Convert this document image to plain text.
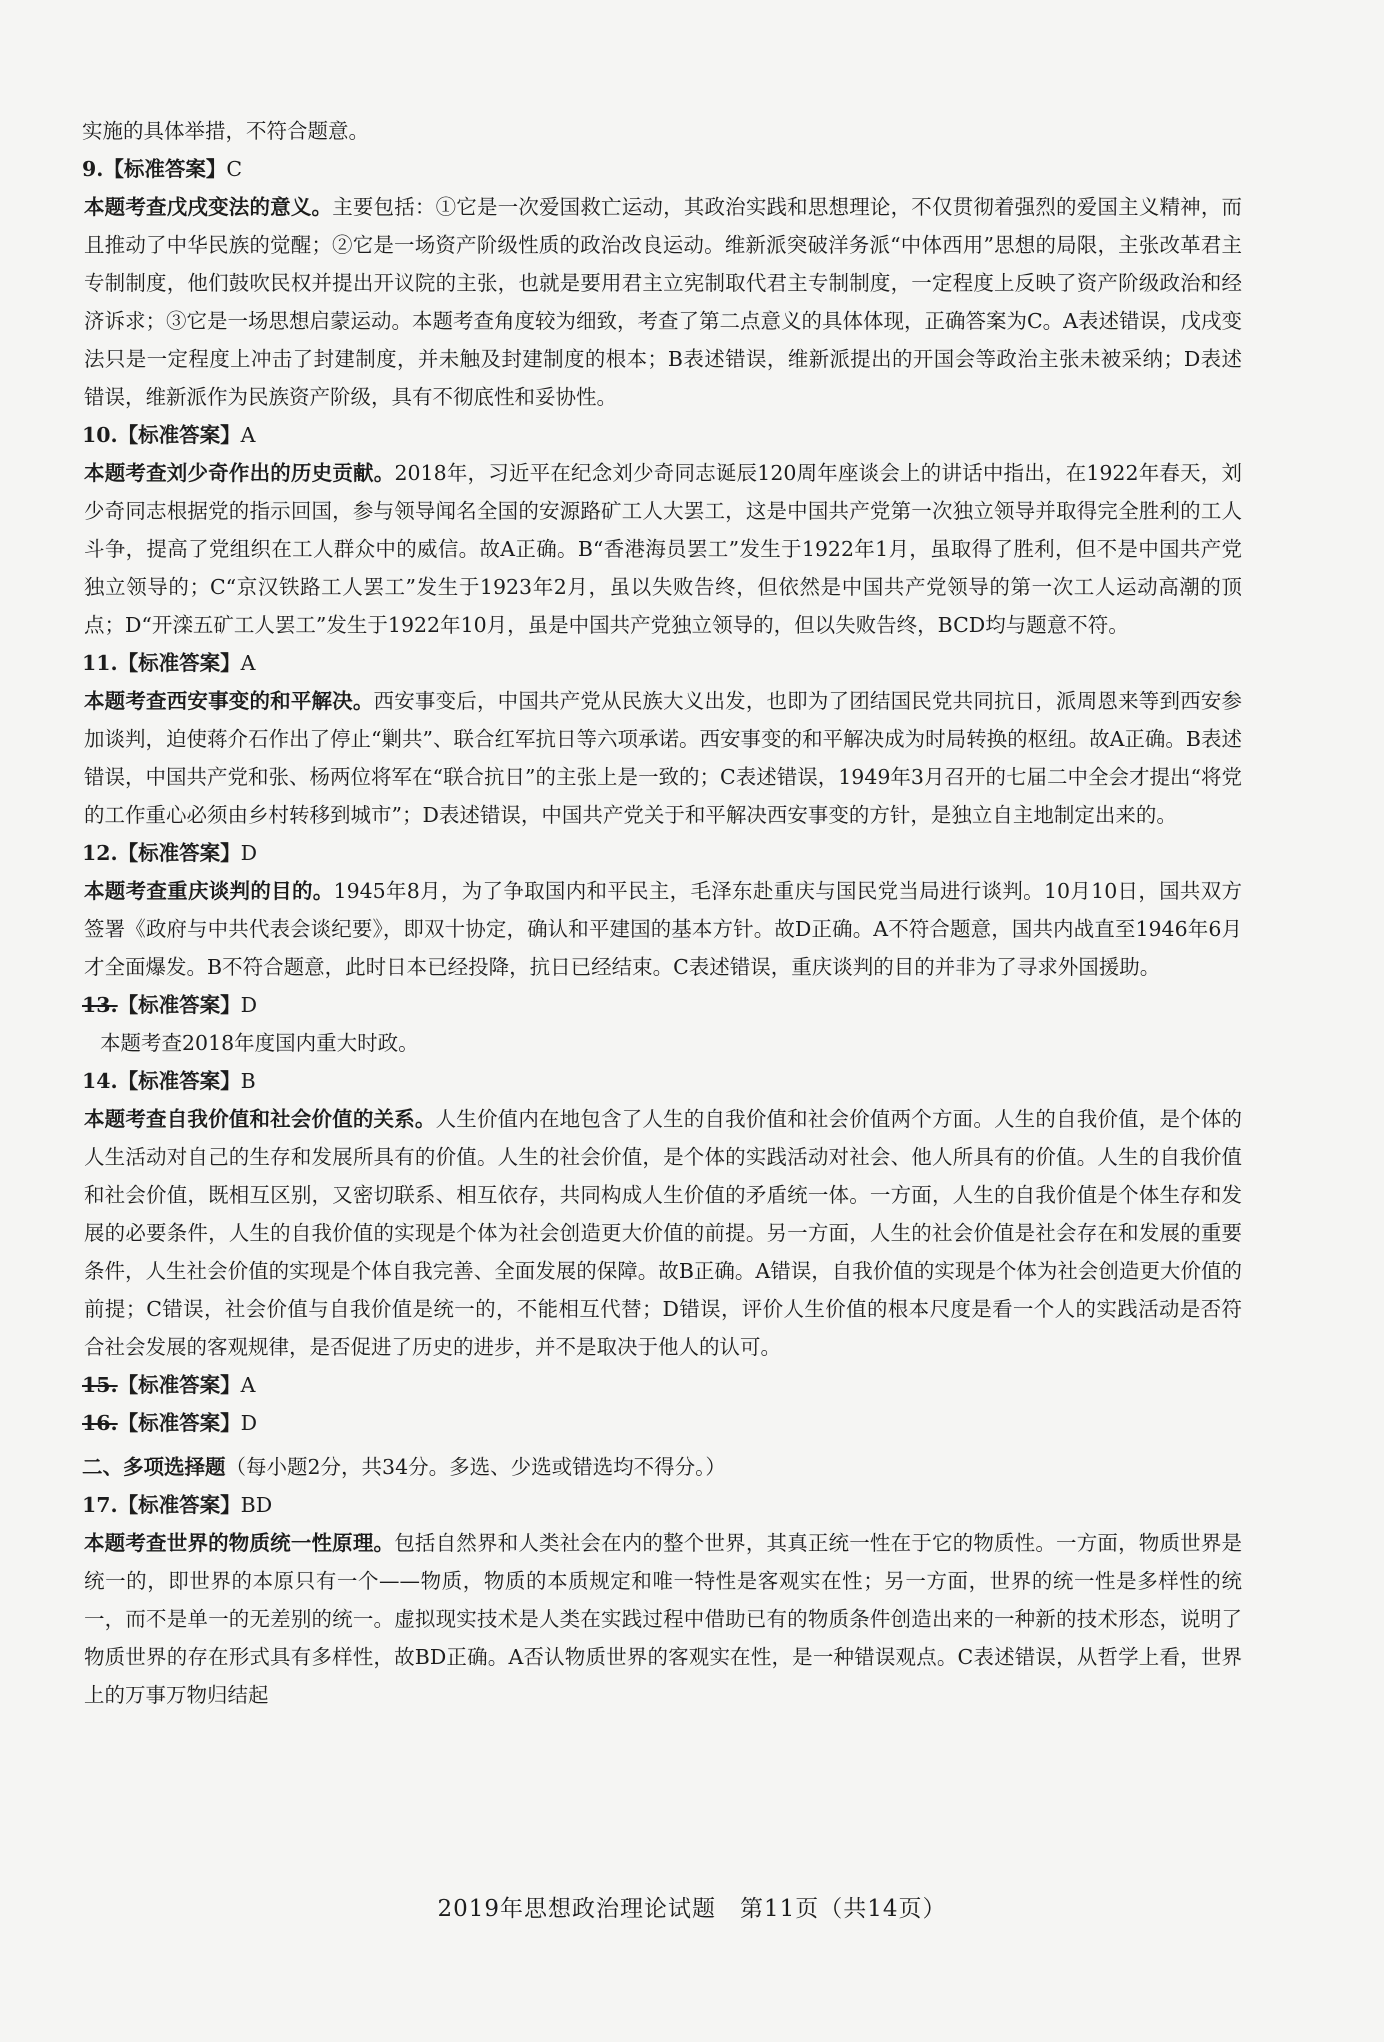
实施的具体举措，不符合题意。
9.【标准答案】C
本题考查戊戌变法的意义。主要包括：①它是一次爱国救亡运动，其政治实践和思想理论，不仅贯彻着强烈的爱国主义精神，而且推动了中华民族的觉醒；②它是一场资产阶级性质的政治改良运动。维新派突破洋务派“中体西用”思想的局限，主张改革君主专制制度，他们鼓吹民权并提出开议院的主张，也就是要用君主立宪制取代君主专制制度，一定程度上反映了资产阶级政治和经济诉求；③它是一场思想启蒙运动。本题考查角度较为细致，考查了第二点意义的具体体现，正确答案为C。A表述错误，戊戌变法只是一定程度上冲击了封建制度，并未触及封建制度的根本；B表述错误，维新派提出的开国会等政治主张未被采纳；D表述错误，维新派作为民族资产阶级，具有不彻底性和妥协性。
10.【标准答案】A
本题考查刘少奇作出的历史贡献。2018年，习近平在纪念刘少奇同志诞辰120周年座谈会上的讲话中指出，在1922年春天，刘少奇同志根据党的指示回国，参与领导闻名全国的安源路矿工人大罢工，这是中国共产党第一次独立领导并取得完全胜利的工人斗争，提高了党组织在工人群众中的威信。故A正确。B“香港海员罢工”发生于1922年1月，虽取得了胜利，但不是中国共产党独立领导的；C“京汉铁路工人罢工”发生于1923年2月，虽以失败告终，但依然是中国共产党领导的第一次工人运动高潮的顶点；D“开滦五矿工人罢工”发生于1922年10月，虽是中国共产党独立领导的，但以失败告终，BCD均与题意不符。
11.【标准答案】A
本题考查西安事变的和平解决。西安事变后，中国共产党从民族大义出发，也即为了团结国民党共同抗日，派周恩来等到西安参加谈判，迫使蒋介石作出了停止“剿共”、联合红军抗日等六项承诺。西安事变的和平解决成为时局转换的枢纽。故A正确。B表述错误，中国共产党和张、杨两位将军在“联合抗日”的主张上是一致的；C表述错误，1949年3月召开的七届二中全会才提出“将党的工作重心必须由乡村转移到城市”；D表述错误，中国共产党关于和平解决西安事变的方针，是独立自主地制定出来的。
12.【标准答案】D
本题考查重庆谈判的目的。1945年8月，为了争取国内和平民主，毛泽东赴重庆与国民党当局进行谈判。10月10日，国共双方签署《政府与中共代表会谈纪要》，即双十协定，确认和平建国的基本方针。故D正确。A不符合题意，国共内战直至1946年6月才全面爆发。B不符合题意，此时日本已经投降，抗日已经结束。C表述错误，重庆谈判的目的并非为了寻求外国援助。
13.【标准答案】D
本题考查2018年度国内重大时政。
14.【标准答案】B
本题考查自我价值和社会价值的关系。人生价值内在地包含了人生的自我价值和社会价值两个方面。人生的自我价值，是个体的人生活动对自己的生存和发展所具有的价值。人生的社会价值，是个体的实践活动对社会、他人所具有的价值。人生的自我价值和社会价值，既相互区别，又密切联系、相互依存，共同构成人生价值的矛盾统一体。一方面，人生的自我价值是个体生存和发展的必要条件，人生的自我价值的实现是个体为社会创造更大价值的前提。另一方面，人生的社会价值是社会存在和发展的重要条件，人生社会价值的实现是个体自我完善、全面发展的保障。故B正确。A错误，自我价值的实现是个体为社会创造更大价值的前提；C错误，社会价值与自我价值是统一的，不能相互代替；D错误，评价人生价值的根本尺度是看一个人的实践活动是否符合社会发展的客观规律，是否促进了历史的进步，并不是取决于他人的认可。
15.【标准答案】A
16.【标准答案】D
二、多项选择题（每小题2分，共34分。多选、少选或错选均不得分。）
17.【标准答案】BD
本题考查世界的物质统一性原理。包括自然界和人类社会在内的整个世界，其真正统一性在于它的物质性。一方面，物质世界是统一的，即世界的本原只有一个——物质，物质的本质规定和唯一特性是客观实在性；另一方面，世界的统一性是多样性的统一，而不是单一的无差别的统一。虚拟现实技术是人类在实践过程中借助已有的物质条件创造出来的一种新的技术形态，说明了物质世界的存在形式具有多样性，故BD正确。A否认物质世界的客观实在性，是一种错误观点。C表述错误，从哲学上看，世界上的万事万物归结起
2019年思想政治理论试题　第11页（共14页）
